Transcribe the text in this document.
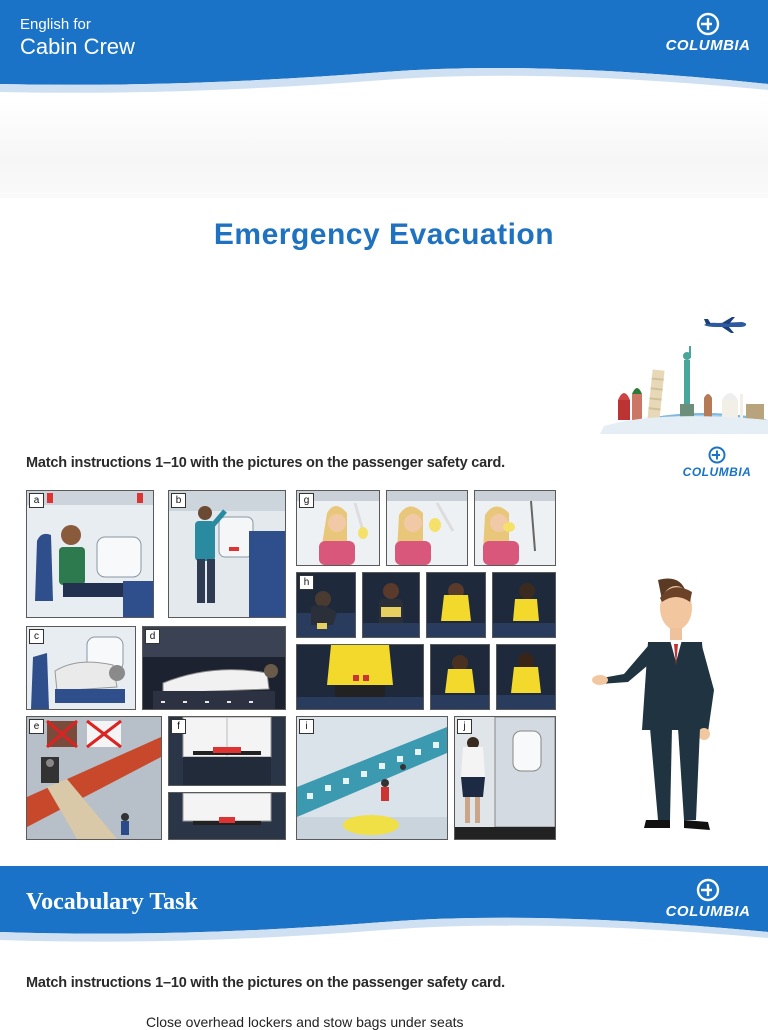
English for
Cabin Crew	COLUMBIA
Emergency Evacuation
Match instructions 1–10 with the pictures on the passenger safety card.
COLUMBIA
a	b	g
h
c	d
e	f	i	j
Vocabulary Task	COLUMBIA
Match instructions 1–10 with the pictures on the passenger safety card.
Close overhead lockers and stow bags under seats
